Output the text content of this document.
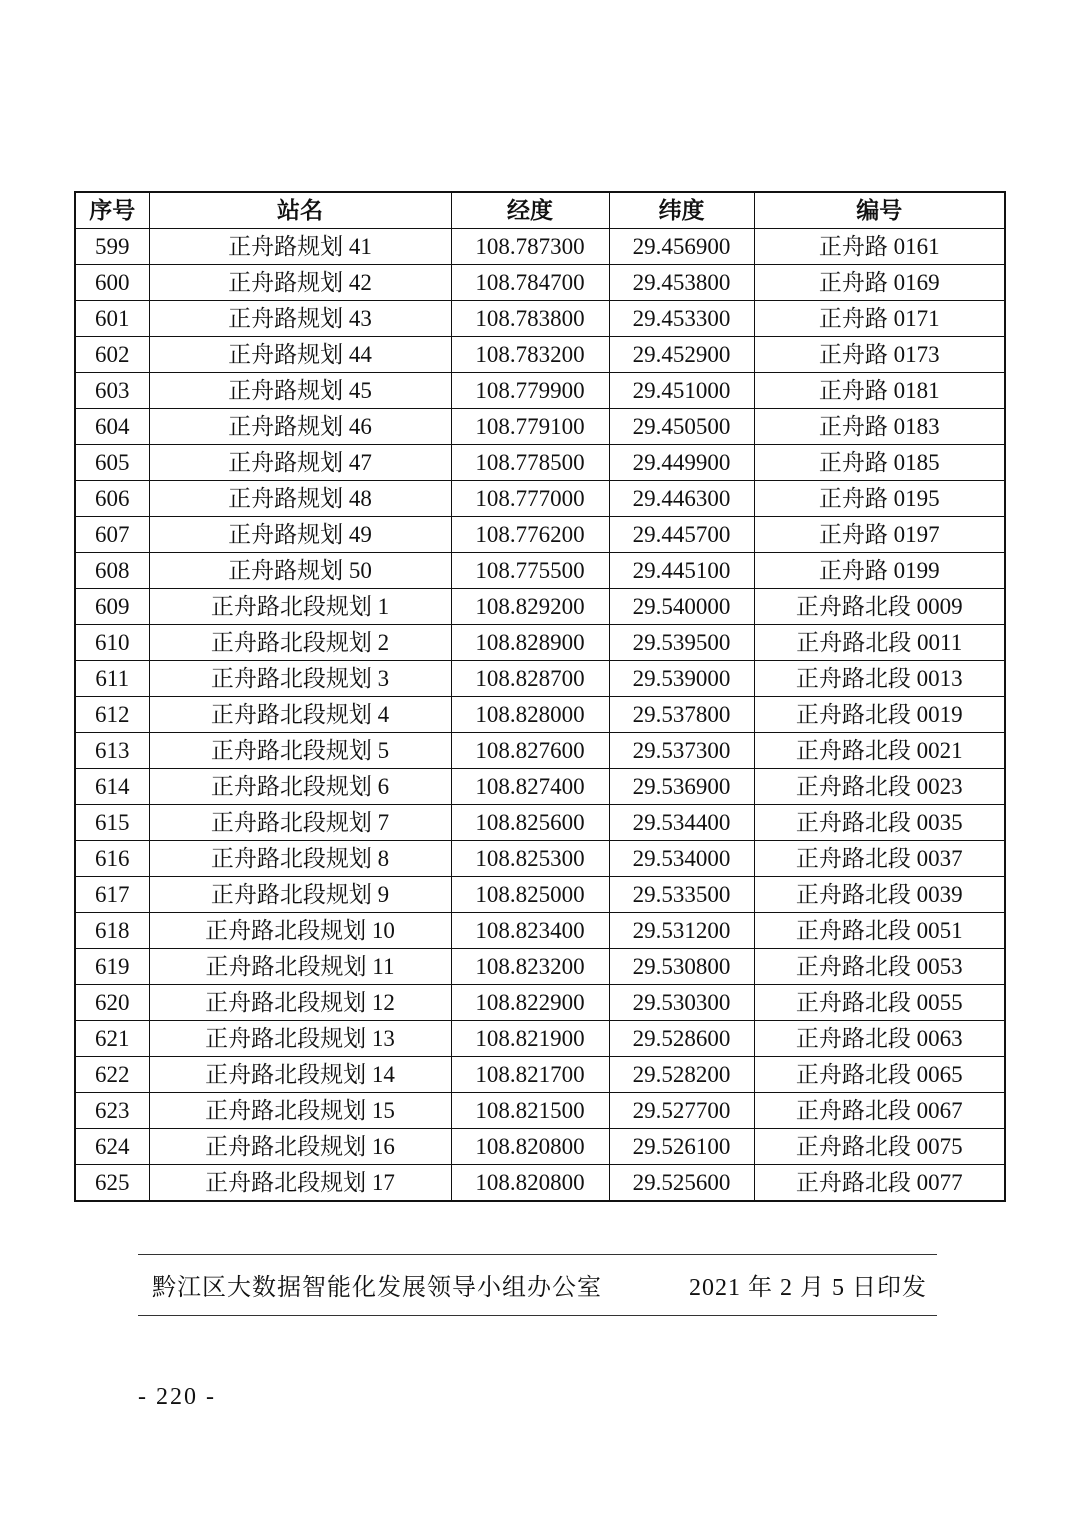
序号	站名	经度	纬度	编号
599	正舟路规划 41	108.787300	29.456900	正舟路 0161
600	正舟路规划 42	108.784700	29.453800	正舟路 0169
601	正舟路规划 43	108.783800	29.453300	正舟路 0171
602	正舟路规划 44	108.783200	29.452900	正舟路 0173
603	正舟路规划 45	108.779900	29.451000	正舟路 0181
604	正舟路规划 46	108.779100	29.450500	正舟路 0183
605	正舟路规划 47	108.778500	29.449900	正舟路 0185
606	正舟路规划 48	108.777000	29.446300	正舟路 0195
607	正舟路规划 49	108.776200	29.445700	正舟路 0197
608	正舟路规划 50	108.775500	29.445100	正舟路 0199
609	正舟路北段规划 1	108.829200	29.540000	正舟路北段 0009
610	正舟路北段规划 2	108.828900	29.539500	正舟路北段 0011
611	正舟路北段规划 3	108.828700	29.539000	正舟路北段 0013
612	正舟路北段规划 4	108.828000	29.537800	正舟路北段 0019
613	正舟路北段规划 5	108.827600	29.537300	正舟路北段 0021
614	正舟路北段规划 6	108.827400	29.536900	正舟路北段 0023
615	正舟路北段规划 7	108.825600	29.534400	正舟路北段 0035
616	正舟路北段规划 8	108.825300	29.534000	正舟路北段 0037
617	正舟路北段规划 9	108.825000	29.533500	正舟路北段 0039
618	正舟路北段规划 10	108.823400	29.531200	正舟路北段 0051
619	正舟路北段规划 11	108.823200	29.530800	正舟路北段 0053
620	正舟路北段规划 12	108.822900	29.530300	正舟路北段 0055
621	正舟路北段规划 13	108.821900	29.528600	正舟路北段 0063
622	正舟路北段规划 14	108.821700	29.528200	正舟路北段 0065
623	正舟路北段规划 15	108.821500	29.527700	正舟路北段 0067
624	正舟路北段规划 16	108.820800	29.526100	正舟路北段 0075
625	正舟路北段规划 17	108.820800	29.525600	正舟路北段 0077
黔江区大数据智能化发展领导小组办公室	2021 年 2 月 5 日印发
- 220 -
